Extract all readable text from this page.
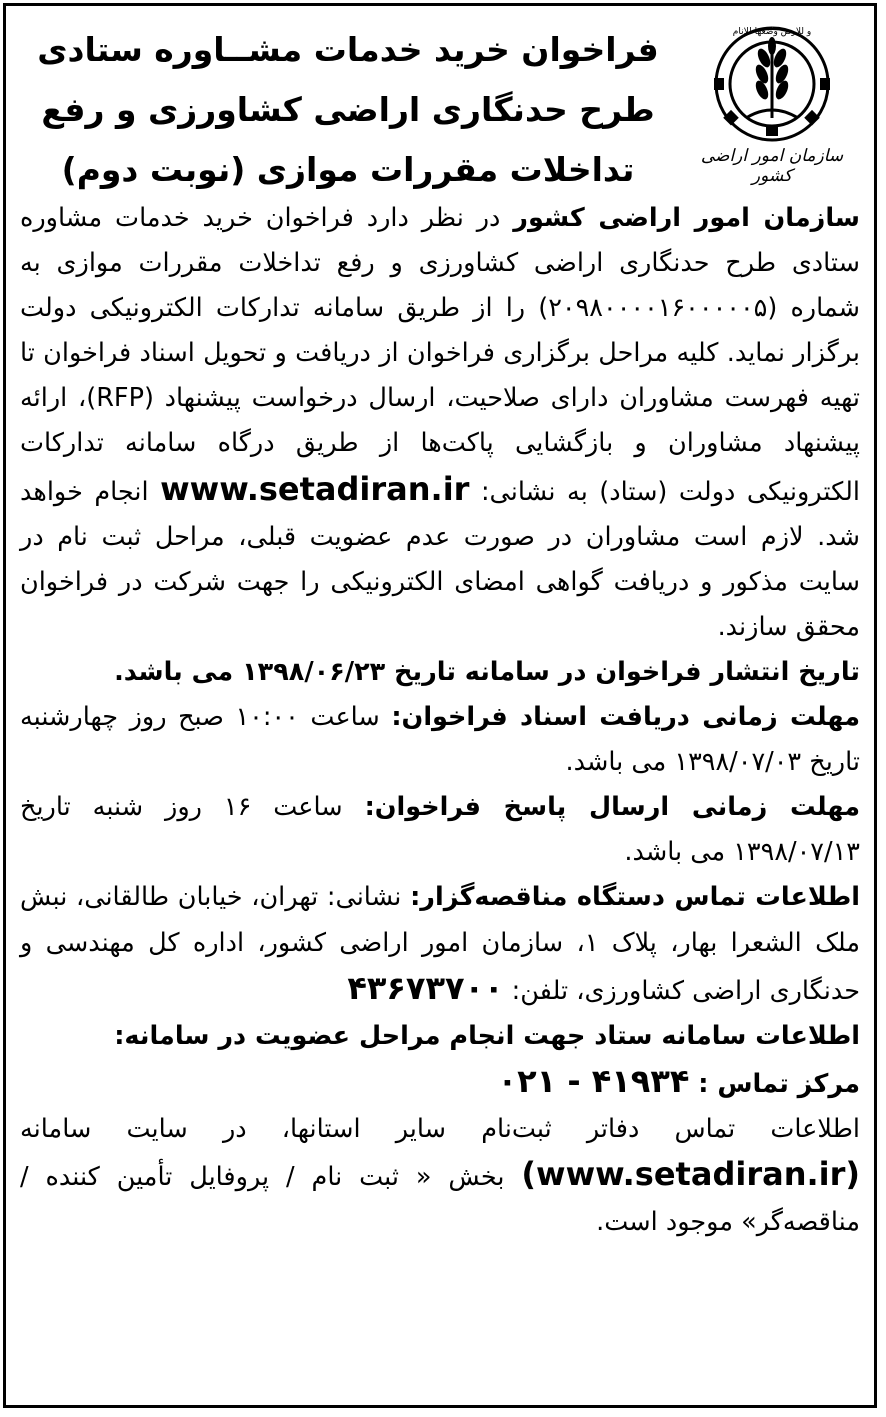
و للارض وضعها للانام
سازمان امور اراضی کشور
فراخوان خرید خدمات مشــاوره ستادی
طرح حدنگاری اراضی کشاورزی و رفع
تداخلات مقررات موازی (نوبت دوم)

سازمان امور اراضی کشور در نظر دارد فراخوان خرید خدمات مشاوره ستادی طرح حدنگاری اراضی کشاورزی و رفع تداخلات مقررات موازی به شماره (۲۰۹۸۰۰۰۰۱۶۰۰۰۰۰۵) را از طریق سامانه تدارکات الکترونیکی دولت برگزار نماید. کلیه مراحل برگزاری فراخوان از دریافت و تحویل اسناد فراخوان تا تهیه فهرست مشاوران دارای صلاحیت، ارسال درخواست پیشنهاد (RFP)، ارائه پیشنهاد مشاوران و بازگشایی پاکت‌ها از طریق درگاه سامانه تدارکات الکترونیکی دولت (ستاد) به نشانی: www.setadiran.ir انجام خواهد شد. لازم است مشاوران در صورت عدم عضویت قبلی، مراحل ثبت نام در سایت مذکور و دریافت گواهی امضای الکترونیکی را جهت شرکت در فراخوان محقق سازند.

تاریخ انتشار فراخوان در سامانه تاریخ ۱۳۹۸/۰۶/۲۳ می باشد.

مهلت زمانی دریافت اسناد فراخوان: ساعت ۱۰:۰۰ صبح روز چهارشنبه تاریخ ۱۳۹۸/۰۷/۰۳ می باشد.

مهلت زمانی ارسال پاسخ فراخوان: ساعت ۱۶ روز شنبه تاریخ ۱۳۹۸/۰۷/۱۳ می باشد.

اطلاعات تماس دستگاه مناقصه‌گزار: نشانی: تهران، خیابان طالقانی، نبش ملک الشعرا بهار، پلاک ۱، سازمان امور اراضی کشور، اداره کل مهندسی و حدنگاری اراضی کشاورزی، تلفن: ۴۳۶۷۳۷۰۰

اطلاعات سامانه ستاد جهت انجام مراحل عضویت در سامانه:

مرکز تماس : ۰۲۱ - ۴۱۹۳۴

اطلاعات تماس دفاتر ثبت‌نام سایر استانها، در سایت سامانه (www.setadiran.ir) بخش « ثبت نام / پروفایل تأمین کننده / مناقصه‌گر» موجود است.
